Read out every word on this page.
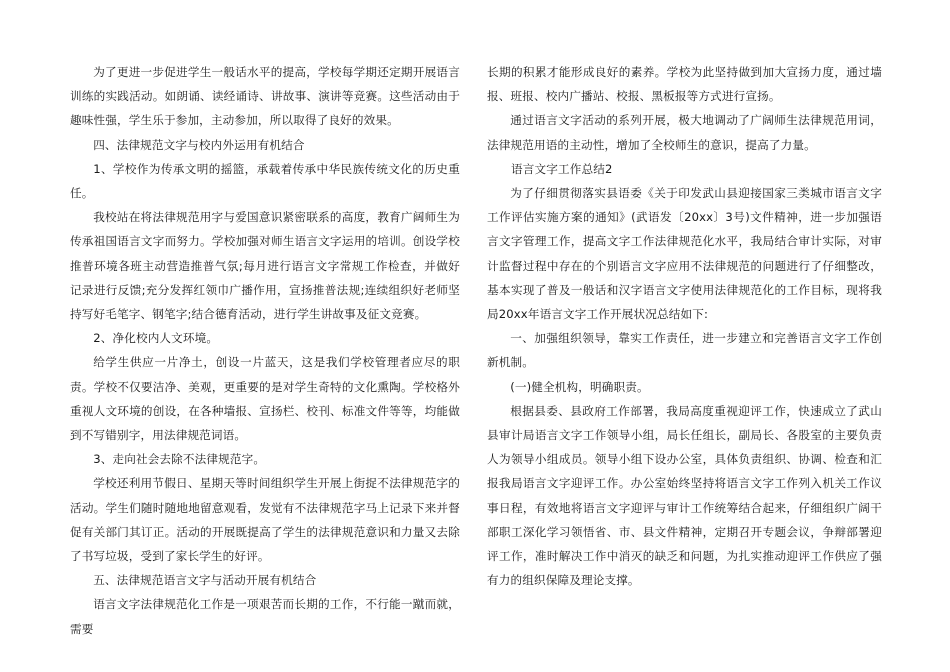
为了更进一步促进学生一般话水平的提高，学校每学期还定期开展语言训练的实践活动。如朗诵、读经诵诗、讲故事、演讲等竞赛。这些活动由于趣味性强，学生乐于参加，主动参加，所以取得了良好的效果。

四、法律规范文字与校内外运用有机结合

1、学校作为传承文明的摇篮，承载着传承中华民族传统文化的历史重任。

我校站在将法律规范用字与爱国意识紧密联系的高度，教育广阔师生为传承祖国语言文字而努力。学校加强对师生语言文字运用的培训。创设学校推普环境各班主动营造推普气氛;每月进行语言文字常规工作检查，并做好记录进行反馈;充分发挥红领巾广播作用，宣扬推普法规;连续组织好老师坚持写好毛笔字、钢笔字;结合德育活动，进行学生讲故事及征文竞赛。

2、净化校内人文环境。

给学生供应一片净土，创设一片蓝天，这是我们学校管理者应尽的职责。学校不仅要洁净、美观，更重要的是对学生奇特的文化熏陶。学校格外重视人文环境的创设，在各种墙报、宣扬栏、校刊、标准文件等等，均能做到不写错别字，用法律规范词语。

3、走向社会去除不法律规范字。

学校还利用节假日、星期天等时间组织学生开展上街捉不法律规范字的活动。学生们随时随地地留意观看，发觉有不法律规范字马上记录下来并督促有关部门其订正。活动的开展既提高了学生的法律规范意识和力量又去除了书写垃圾，受到了家长学生的好评。

五、法律规范语言文字与活动开展有机结合

语言文字法律规范化工作是一项艰苦而长期的工作，不行能一蹴而就，需要

长期的积累才能形成良好的素养。学校为此坚持做到加大宣扬力度，通过墙报、班报、校内广播站、校报、黑板报等方式进行宣扬。

通过语言文字活动的系列开展，极大地调动了广阔师生法律规范用词，法律规范用语的主动性，增加了全校师生的意识，提高了力量。

语言文字工作总结2

为了仔细贯彻落实县语委《关于印发武山县迎接国家三类城市语言文字工作评估实施方案的通知》(武语发〔20xx〕3号)文件精神，进一步加强语言文字管理工作，提高文字工作法律规范化水平，我局结合审计实际，对审计监督过程中存在的个别语言文字应用不法律规范的问题进行了仔细整改，基本实现了普及一般话和汉字语言文字使用法律规范化的工作目标，现将我局20xx年语言文字工作开展状况总结如下:

一、加强组织领导，靠实工作责任，进一步建立和完善语言文字工作创新机制。

(一)健全机构，明确职责。

根据县委、县政府工作部署，我局高度重视迎评工作，快速成立了武山县审计局语言文字工作领导小组，局长任组长，副局长、各股室的主要负责人为领导小组成员。领导小组下设办公室，具体负责组织、协调、检查和汇报我局语言文字迎评工作。办公室始终坚持将语言文字工作列入机关工作议事日程，有效地将语言文字迎评与审计工作统筹结合起来，仔细组织广阔干部职工深化学习领悟省、市、县文件精神，定期召开专题会议，争辩部署迎评工作，准时解决工作中消灭的缺乏和问题，为扎实推动迎评工作供应了强有力的组织保障及理论支撑。
